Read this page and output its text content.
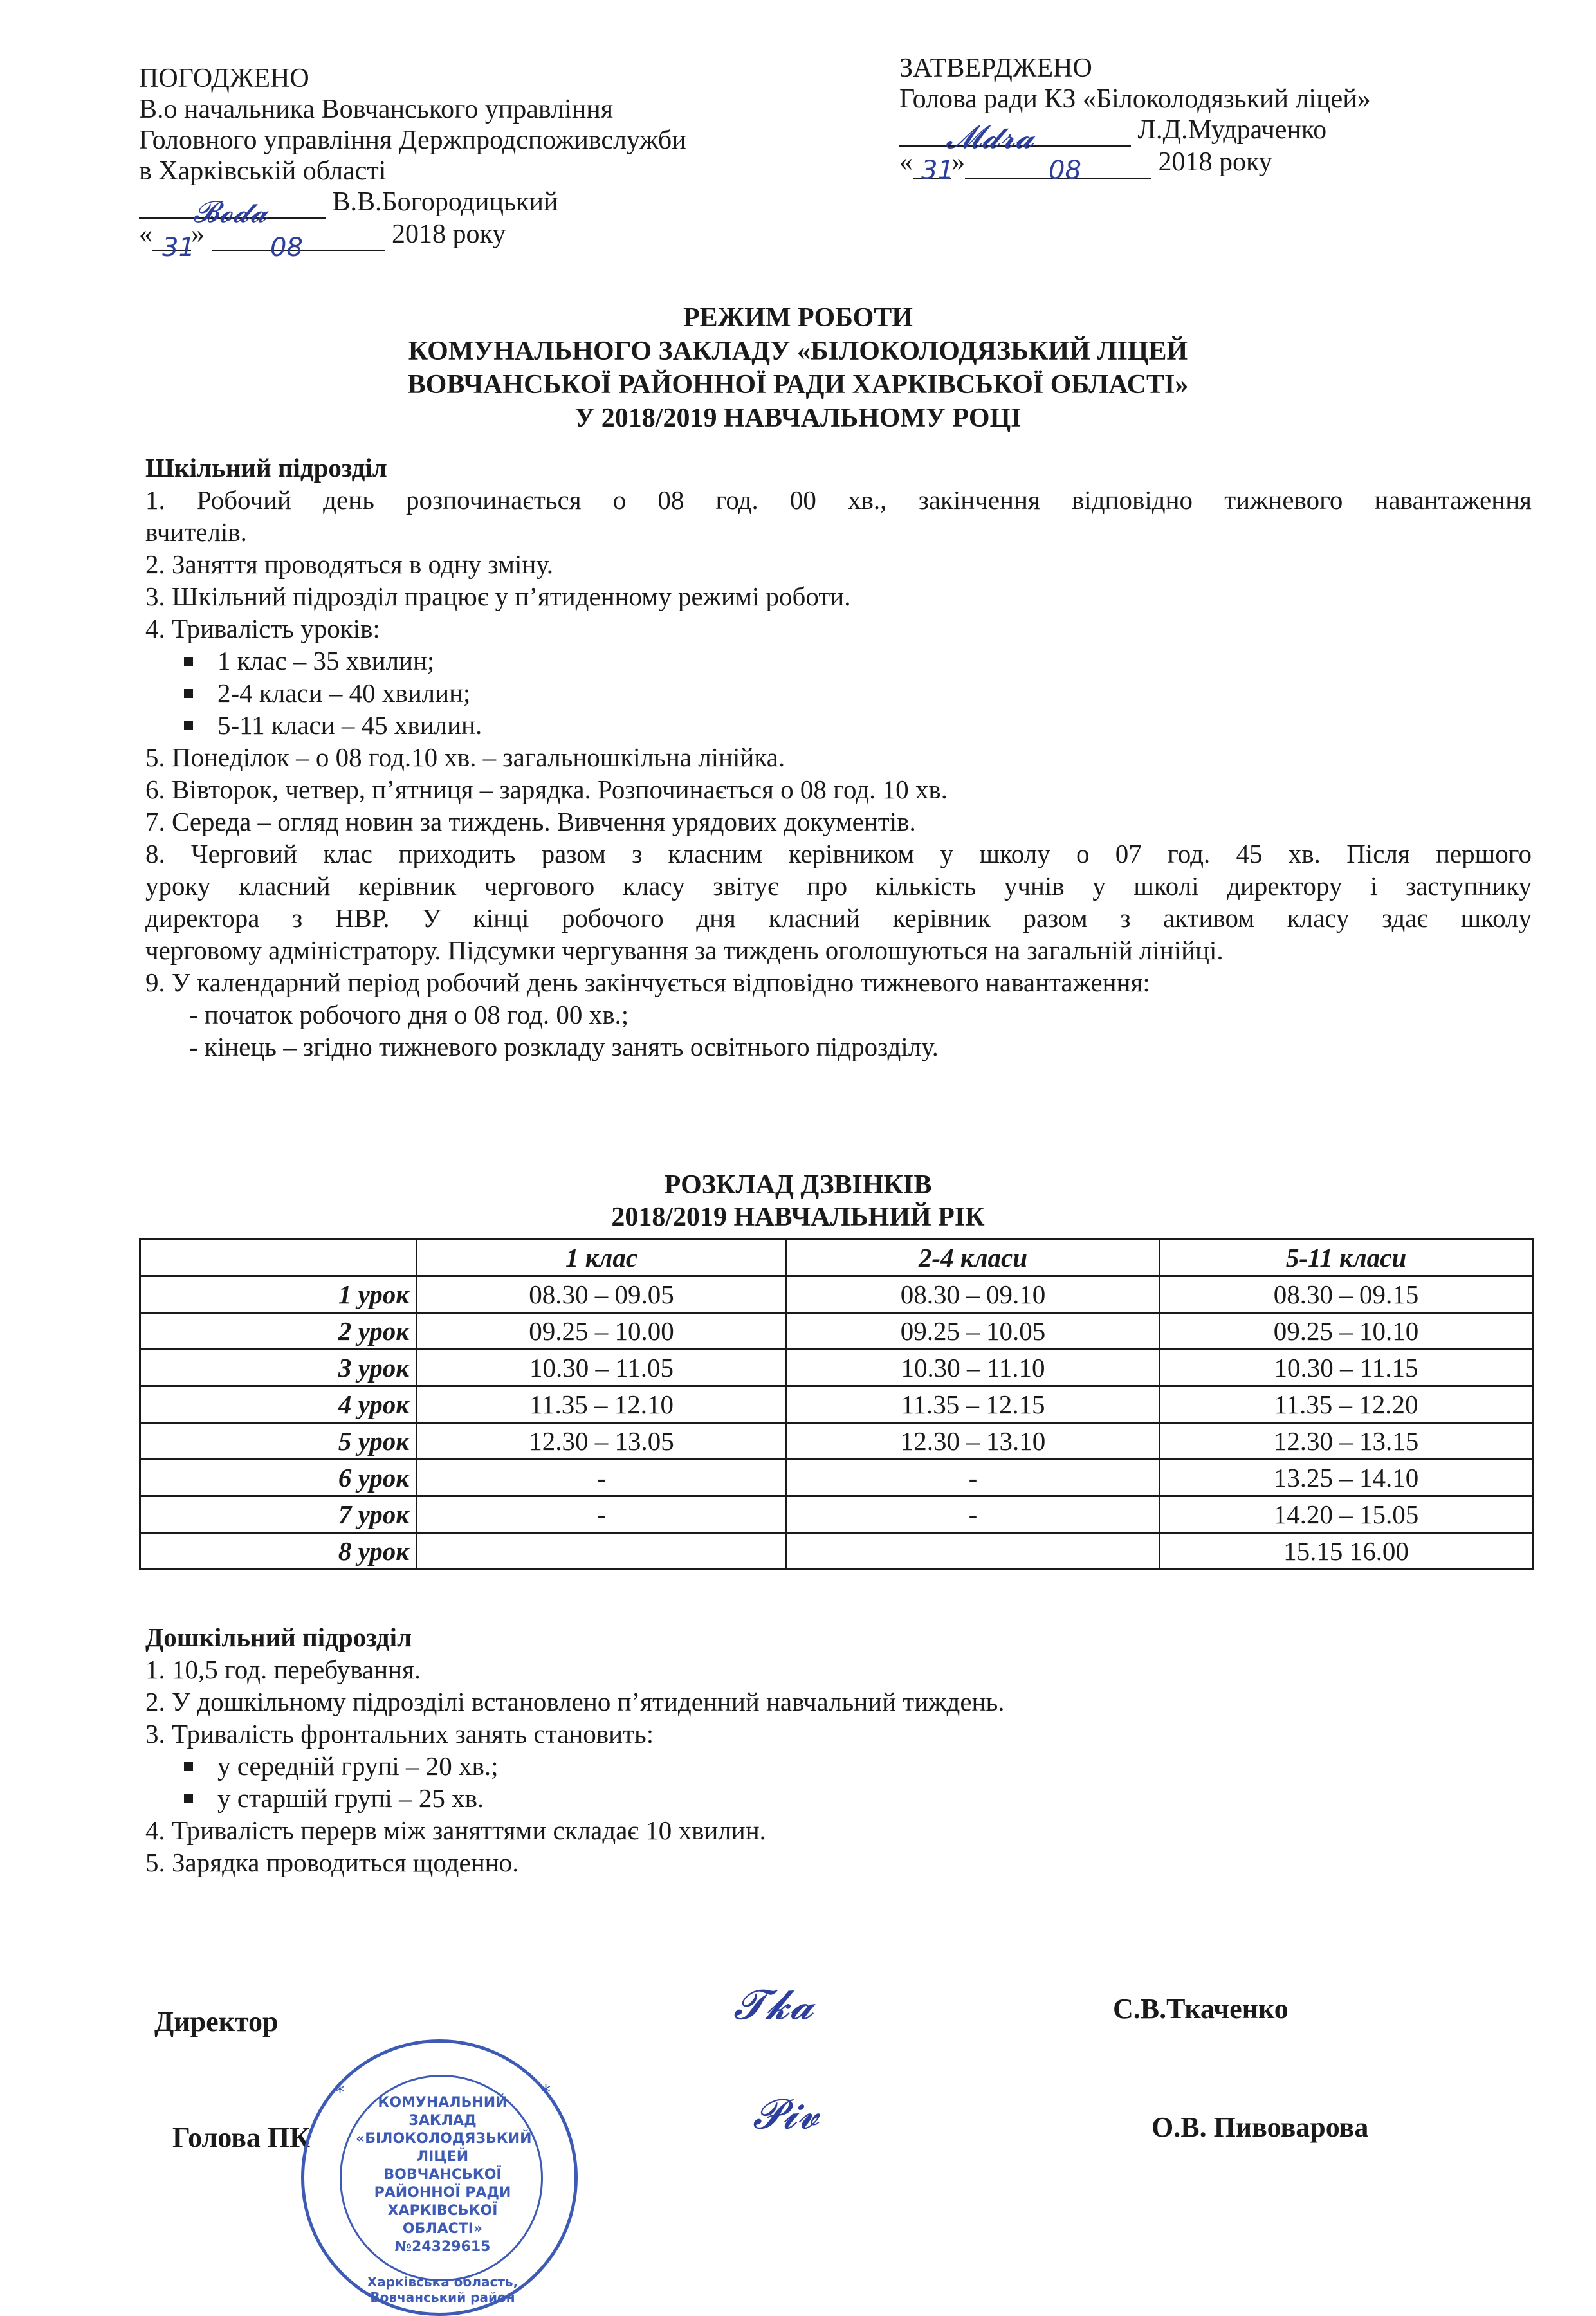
ПОГОДЖЕНО
В.о начальника Вовчанського управління
Головного управління Держпродспоживслужби
в Харківській області
В.В.Богородицький
« »	2018 року
𝓑𝓸𝓭𝓪
31	08
ЗАТВЕРДЖЕНО
Голова ради КЗ «Білоколодязький ліцей»
Л.Д.Мудраченко
« »	2018 року
𝓜𝓭𝓻𝓪
31	08
РЕЖИМ РОБОТИ
КОМУНАЛЬНОГО ЗАКЛАДУ «БІЛОКОЛОДЯЗЬКИЙ ЛІЦЕЙ
ВОВЧАНСЬКОЇ РАЙОННОЇ РАДИ ХАРКІВСЬКОЇ ОБЛАСТІ»
У 2018/2019 НАВЧАЛЬНОМУ РОЦІ
Шкільний підрозділ
1. Робочий день розпочинається о 08 год. 00 хв., закінчення відповідно тижневого навантаження
вчителів.
2. Заняття проводяться в одну зміну.
3. Шкільний підрозділ працює у п’ятиденному режимі роботи.
4. Тривалість уроків:
1 клас – 35 хвилин;
2-4 класи – 40 хвилин;
5-11 класи – 45 хвилин.
5. Понеділок – о 08 год.10 хв. – загальношкільна лінійка.
6. Вівторок, четвер, п’ятниця – зарядка. Розпочинається о 08 год. 10 хв.
7. Середа – огляд новин за тиждень. Вивчення урядових документів.
8. Черговий клас приходить разом з класним керівником у школу о 07 год. 45 хв. Після першого
уроку класний керівник чергового класу звітує про кількість учнів у школі директору і заступнику
директора з НВР. У кінці робочого дня класний керівник разом з активом класу здає школу
черговому адміністратору. Підсумки чергування за тиждень оголошуються на загальній лінійці.
9. У календарний період робочий день закінчується відповідно тижневого навантаження:
- початок робочого дня о 08 год. 00 хв.;
- кінець – згідно тижневого розкладу занять освітнього підрозділу.
РОЗКЛАД ДЗВІНКІВ
2018/2019 НАВЧАЛЬНИЙ РІК
	1 клас	2-4 класи	5-11 класи
1 урок	08.30 – 09.05	08.30 – 09.10	08.30 – 09.15
2 урок	09.25 – 10.00	09.25 – 10.05	09.25 – 10.10
3 урок	10.30 – 11.05	10.30 – 11.10	10.30 – 11.15
4 урок	11.35 – 12.10	11.35 – 12.15	11.35 – 12.20
5 урок	12.30 – 13.05	12.30 – 13.10	12.30 – 13.15
6 урок	-	-	13.25 – 14.10
7 урок	-	-	14.20 – 15.05
8 урок			15.15 16.00
Дошкільний підрозділ
1. 10,5 год. перебування.
2. У дошкільному підрозділі встановлено п’ятиденний навчальний тиждень.
3. Тривалість фронтальних занять становить:
у середній групі – 20 хв.;
у старшій групі – 25 хв.
4. Тривалість перерв між заняттями складає 10 хвилин.
5. Зарядка проводиться щоденно.
Директор	С.В.Ткаченко
Голова ПК	О.В. Пивоварова
𝓣𝓴𝓪
𝓟𝓲𝓿
*	*
КОМУНАЛЬНИЙ
ЗАКЛАД
«БІЛОКОЛОДЯЗЬКИЙ
ЛІЦЕЙ ВОВЧАНСЬКОЇ
РАЙОННОЇ РАДИ
ХАРКІВСЬКОЇ
ОБЛАСТІ»
№24329615
Харківська область, Вовчанський район
